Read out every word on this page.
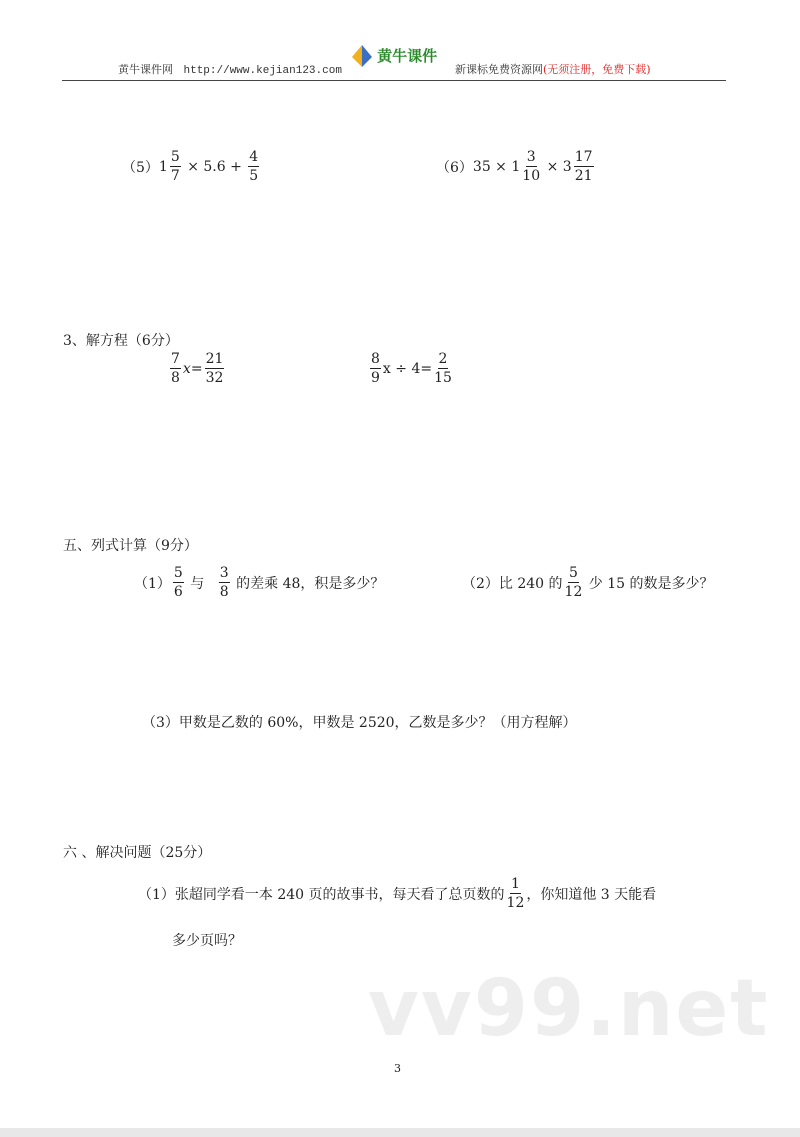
黄牛课件网 http://www.kejian123.com
黄牛课件
新课标免费资源网(无须注册，免费下载)
（5） $1 \frac{5}{7} \times 5.6 + \frac{4}{5}$	（6） $35 \times 1 \frac{3}{10} \times 3 \frac{17}{21}$
3、解方程（6分）
$\frac{7}{8} x= \frac{21}{32}$	$\frac{8}{9}$ $x \div 4= \frac{2}{15}$
五、列式计算（9分）
$(1) \frac{5}{6}$ 与 $\frac{3}{8}$ 的差乘 48，积是多少？	（2）比 240 的 $\frac{5}{12}$ 少 15 的数是多少？
（3）甲数是乙数的 60%，甲数是 2520，乙数是多少？（用方程解）
六 、解决问题（25分）
（1）张超同学看一本 240 页的故事书，每天看了总页数的 $\frac{1}{12}$ ，你知道他 3 天能看
多少页吗？
vv99.net
3
